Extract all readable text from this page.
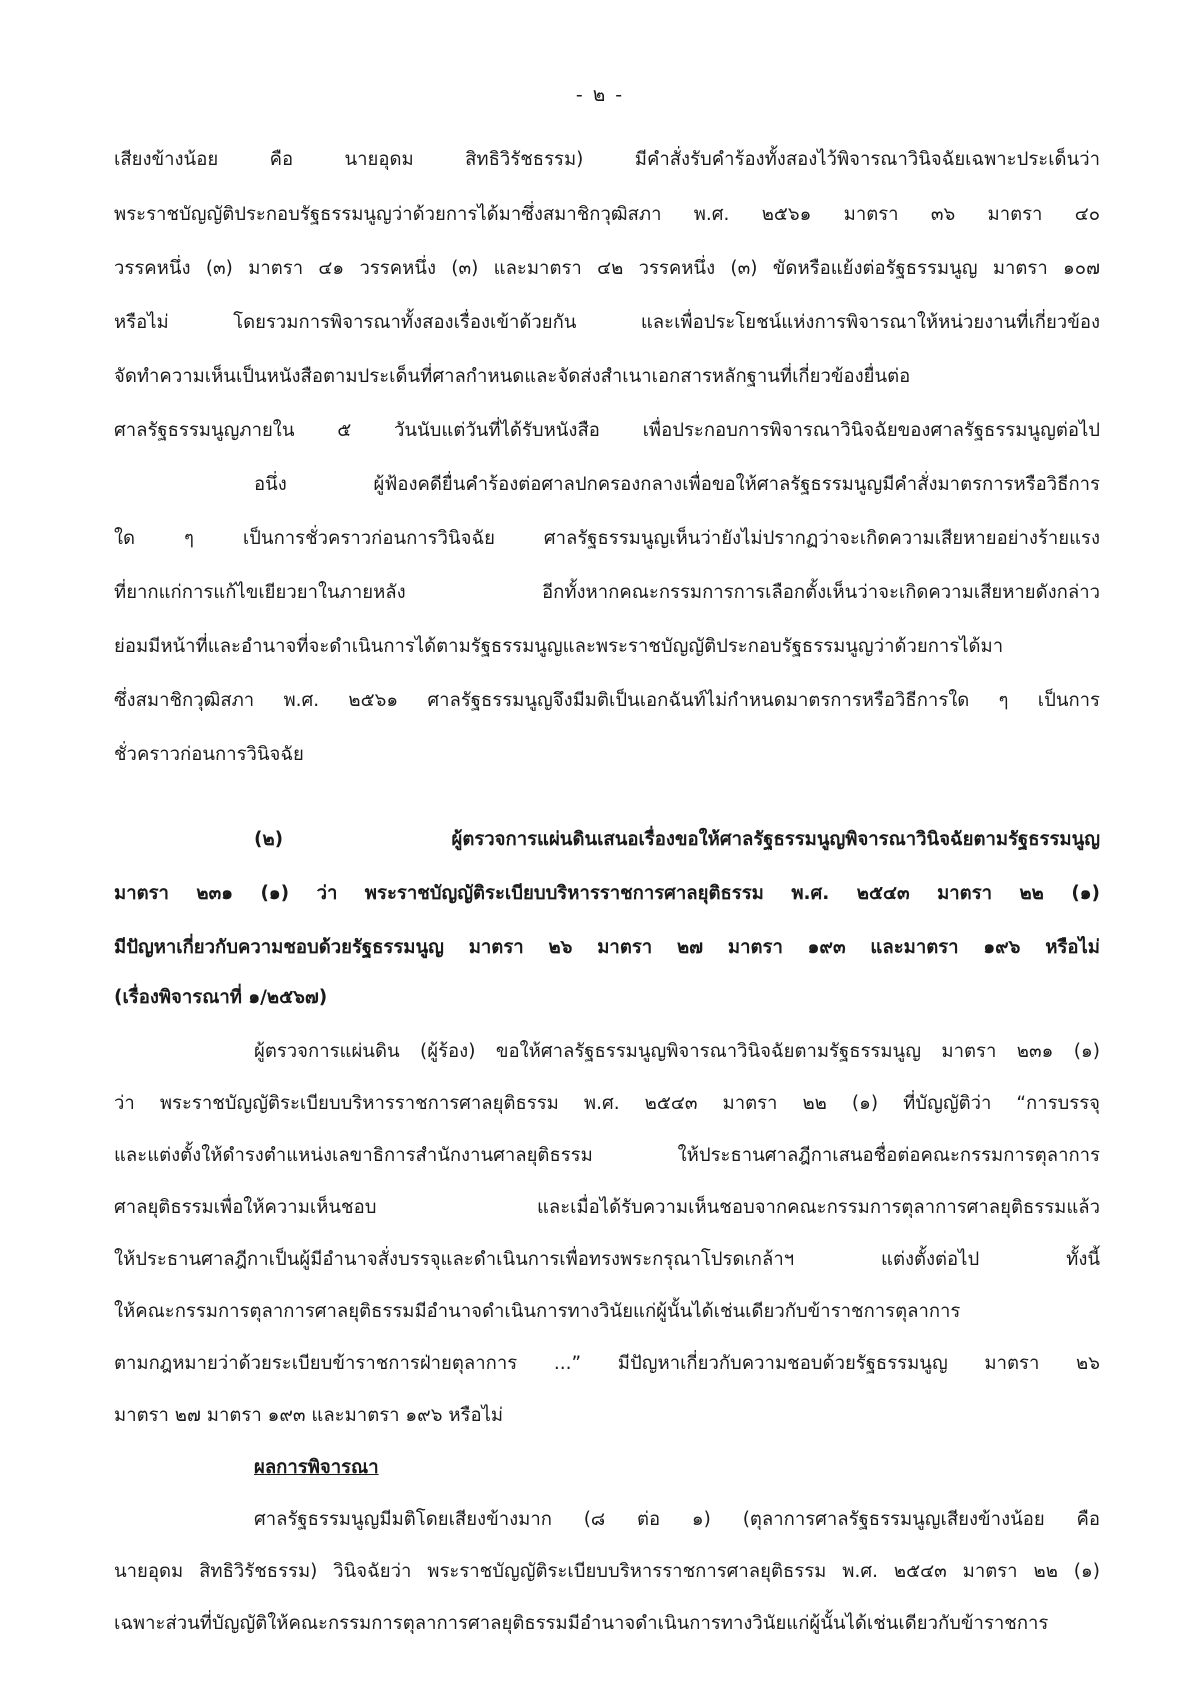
- ๒ -
เสียงข้างน้อย คือ นายอุดม สิทธิวิรัชธรรม) มีคำสั่งรับคำร้องทั้งสองไว้พิจารณาวินิจฉัยเฉพาะประเด็นว่า
พระราชบัญญัติประกอบรัฐธรรมนูญว่าด้วยการได้มาซึ่งสมาชิกวุฒิสภา พ.ศ. ๒๕๖๑ มาตรา ๓๖ มาตรา ๔๐
วรรคหนึ่ง (๓) มาตรา ๔๑ วรรคหนึ่ง (๓) และมาตรา ๔๒ วรรคหนึ่ง (๓) ขัดหรือแย้งต่อรัฐธรรมนูญ มาตรา ๑๐๗
หรือไม่ โดยรวมการพิจารณาทั้งสองเรื่องเข้าด้วยกัน และเพื่อประโยชน์แห่งการพิจารณาให้หน่วยงานที่เกี่ยวข้อง
จัดทำความเห็นเป็นหนังสือตามประเด็นที่ศาลกำหนดและจัดส่งสำเนาเอกสารหลักฐานที่เกี่ยวข้องยื่นต่อ
ศาลรัฐธรรมนูญภายใน ๕ วันนับแต่วันที่ได้รับหนังสือ เพื่อประกอบการพิจารณาวินิจฉัยของศาลรัฐธรรมนูญต่อไป
อนึ่ง ผู้ฟ้องคดียื่นคำร้องต่อศาลปกครองกลางเพื่อขอให้ศาลรัฐธรรมนูญมีคำสั่งมาตรการหรือวิธีการ
ใด ๆ เป็นการชั่วคราวก่อนการวินิจฉัย ศาลรัฐธรรมนูญเห็นว่ายังไม่ปรากฏว่าจะเกิดความเสียหายอย่างร้ายแรง
ที่ยากแก่การแก้ไขเยียวยาในภายหลัง อีกทั้งหากคณะกรรมการการเลือกตั้งเห็นว่าจะเกิดความเสียหายดังกล่าว
ย่อมมีหน้าที่และอำนาจที่จะดำเนินการได้ตามรัฐธรรมนูญและพระราชบัญญัติประกอบรัฐธรรมนูญว่าด้วยการได้มา
ซึ่งสมาชิกวุฒิสภา พ.ศ. ๒๕๖๑ ศาลรัฐธรรมนูญจึงมีมติเป็นเอกฉันท์ไม่กำหนดมาตรการหรือวิธีการใด ๆ เป็นการ
ชั่วคราวก่อนการวินิจฉัย
(๒) ผู้ตรวจการแผ่นดินเสนอเรื่องขอให้ศาลรัฐธรรมนูญพิจารณาวินิจฉัยตามรัฐธรรมนูญ
มาตรา ๒๓๑ (๑) ว่า พระราชบัญญัติระเบียบบริหารราชการศาลยุติธรรม พ.ศ. ๒๕๔๓ มาตรา ๒๒ (๑)
มีปัญหาเกี่ยวกับความชอบด้วยรัฐธรรมนูญ มาตรา ๒๖ มาตรา ๒๗ มาตรา ๑๙๓ และมาตรา ๑๙๖ หรือไม่
(เรื่องพิจารณาที่ ๑/๒๕๖๗)
ผู้ตรวจการแผ่นดิน (ผู้ร้อง) ขอให้ศาลรัฐธรรมนูญพิจารณาวินิจฉัยตามรัฐธรรมนูญ มาตรา ๒๓๑ (๑)
ว่า พระราชบัญญัติระเบียบบริหารราชการศาลยุติธรรม พ.ศ. ๒๕๔๓ มาตรา ๒๒ (๑) ที่บัญญัติว่า “การบรรจุ
และแต่งตั้งให้ดำรงตำแหน่งเลขาธิการสำนักงานศาลยุติธรรม ให้ประธานศาลฎีกาเสนอชื่อต่อคณะกรรมการตุลาการ
ศาลยุติธรรมเพื่อให้ความเห็นชอบ และเมื่อได้รับความเห็นชอบจากคณะกรรมการตุลาการศาลยุติธรรมแล้ว
ให้ประธานศาลฎีกาเป็นผู้มีอำนาจสั่งบรรจุและดำเนินการเพื่อทรงพระกรุณาโปรดเกล้าฯ แต่งตั้งต่อไป ทั้งนี้
ให้คณะกรรมการตุลาการศาลยุติธรรมมีอำนาจดำเนินการทางวินัยแก่ผู้นั้นได้เช่นเดียวกับข้าราชการตุลาการ
ตามกฎหมายว่าด้วยระเบียบข้าราชการฝ่ายตุลาการ ...” มีปัญหาเกี่ยวกับความชอบด้วยรัฐธรรมนูญ มาตรา ๒๖
มาตรา ๒๗ มาตรา ๑๙๓ และมาตรา ๑๙๖ หรือไม่
ผลการพิจารณา
ศาลรัฐธรรมนูญมีมติโดยเสียงข้างมาก (๘ ต่อ ๑) (ตุลาการศาลรัฐธรรมนูญเสียงข้างน้อย คือ
นายอุดม สิทธิวิรัชธรรม) วินิจฉัยว่า พระราชบัญญัติระเบียบบริหารราชการศาลยุติธรรม พ.ศ. ๒๕๔๓ มาตรา ๒๒ (๑)
เฉพาะส่วนที่บัญญัติให้คณะกรรมการตุลาการศาลยุติธรรมมีอำนาจดำเนินการทางวินัยแก่ผู้นั้นได้เช่นเดียวกับข้าราชการ
